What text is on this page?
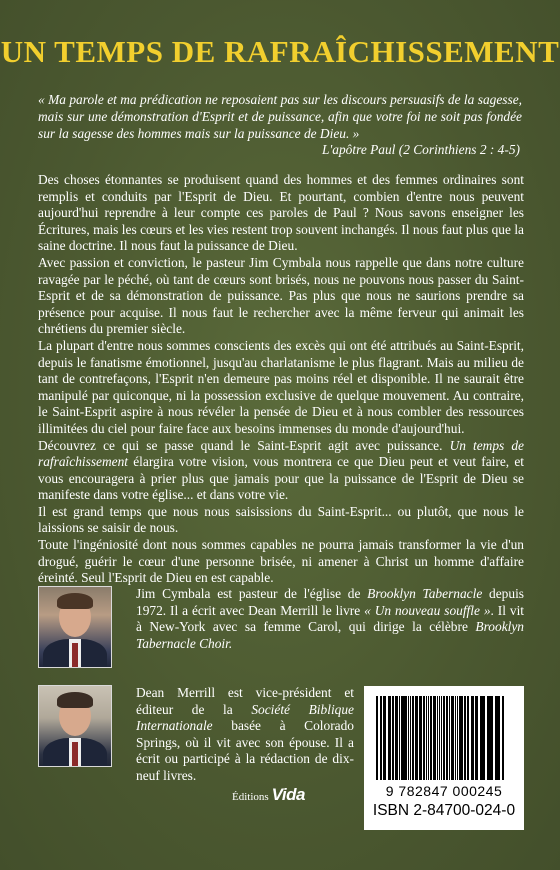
UN TEMPS DE RAFRAÎCHISSEMENT

« Ma parole et ma prédication ne reposaient pas sur les discours persuasifs de la sagesse, mais sur une démonstration d'Esprit et de puissance, afin que votre foi ne soit pas fondée sur la sagesse des hommes mais sur la puissance de Dieu. »

L'apôtre Paul (2 Corinthiens 2 : 4-5)

Des choses étonnantes se produisent quand des hommes et des femmes ordinaires sont remplis et conduits par l'Esprit de Dieu. Et pourtant, combien d'entre nous peuvent aujourd'hui reprendre à leur compte ces paroles de Paul ? Nous savons enseigner les Écritures, mais les cœurs et les vies restent trop souvent inchangés. Il nous faut plus que la saine doctrine. Il nous faut la puissance de Dieu.

Avec passion et conviction, le pasteur Jim Cymbala nous rappelle que dans notre culture ravagée par le péché, où tant de cœurs sont brisés, nous ne pouvons nous passer du Saint-Esprit et de sa démonstration de puissance. Pas plus que nous ne saurions prendre sa présence pour acquise. Il nous faut le rechercher avec la même ferveur qui animait les chrétiens du premier siècle.

La plupart d'entre nous sommes conscients des excès qui ont été attribués au Saint-Esprit, depuis le fanatisme émotionnel, jusqu'au charlatanisme le plus flagrant. Mais au milieu de tant de contrefaçons, l'Esprit n'en demeure pas moins réel et disponible. Il ne saurait être manipulé par quiconque, ni la possession exclusive de quelque mouvement. Au contraire, le Saint-Esprit aspire à nous révéler la pensée de Dieu et à nous combler des ressources illimitées du ciel pour faire face aux besoins immenses du monde d'aujourd'hui.

Découvrez ce qui se passe quand le Saint-Esprit agit avec puissance. Un temps de rafraîchissement élargira votre vision, vous montrera ce que Dieu peut et veut faire, et vous encouragera à prier plus que jamais pour que la puissance de l'Esprit de Dieu se manifeste dans votre église... et dans votre vie.

Il est grand temps que nous nous saisissions du Saint-Esprit... ou plutôt, que nous le laissions se saisir de nous.

Toute l'ingéniosité dont nous sommes capables ne pourra jamais transformer la vie d'un drogué, guérir le cœur d'une personne brisée, ni amener à Christ un homme d'affaire éreinté. Seul l'Esprit de Dieu en est capable.

Jim Cymbala est pasteur de l'église de Brooklyn Tabernacle depuis 1972. Il a écrit avec Dean Merrill le livre « Un nouveau souffle ». Il vit à New-York avec sa femme Carol, qui dirige la célèbre Brooklyn Tabernacle Choir.

Dean Merrill est vice-président et éditeur de la Société Biblique Internationale basée à Colorado Springs, où il vit avec son épouse. Il a écrit ou participé à la rédaction de dix-neuf livres.

Éditions Vida	9 782847 000245
ISBN 2-84700-024-0
